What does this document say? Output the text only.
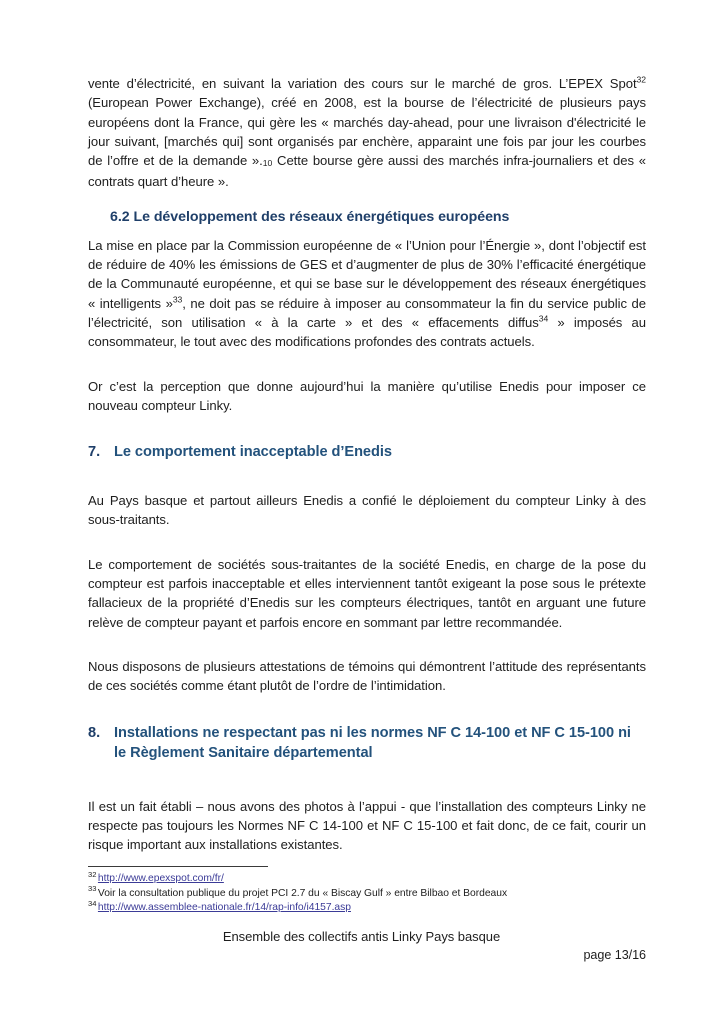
vente d’électricité, en suivant la variation des cours sur le marché de gros. L’EPEX Spot$^{32}$ (European Power Exchange), créé en 2008, est la bourse de l’électricité de plusieurs pays européens dont la France, qui gère les « marchés day-ahead, pour une livraison d'électricité le jour suivant, [marchés qui] sont organisés par enchère, apparaint une fois par jour les courbes de l’offre et de la demande ».10 Cette bourse gère aussi des marchés infra-journaliers et des « contrats quart d’heure ».

6.2 Le développement des réseaux énergétiques européens

La mise en place par la Commission européenne de « l’Union pour l’Énergie », dont l’objectif est de réduire de 40% les émissions de GES et d’augmenter de plus de 30% l’efficacité énergétique de la Communauté européenne, et qui se base sur le développement des réseaux énergétiques « intelligents »$^{33}$, ne doit pas se réduire à imposer au consommateur la fin du service public de l’électricité, son utilisation « à la carte » et des « effacements diffus$^{34}$ » imposés au consommateur, le tout avec des modifications profondes des contrats actuels.

Or c’est la perception que donne aujourd’hui la manière qu’utilise Enedis pour imposer ce nouveau compteur Linky.

7. Le comportement inacceptable d’Enedis

Au Pays basque et partout ailleurs Enedis a confié le déploiement du compteur Linky à des sous-traitants.

Le comportement de sociétés sous-traitantes de la société Enedis, en charge de la pose du compteur est parfois inacceptable et elles interviennent tantôt exigeant la pose sous le prétexte fallacieux de la propriété d’Enedis sur les compteurs électriques, tantôt en arguant une future relève de compteur payant et parfois encore en sommant par lettre recommandée.

Nous disposons de plusieurs attestations de témoins qui démontrent l’attitude des représentants de ces sociétés comme étant plutôt de l’ordre de l’intimidation.

8. Installations ne respectant pas ni les normes NF C 14-100 et NF C 15-100 ni le Règlement Sanitaire départemental

Il est un fait établi – nous avons des photos à l’appui - que l’installation des compteurs Linky ne respecte pas toujours les Normes NF C 14-100 et NF C 15-100 et fait donc, de ce fait, courir un risque important aux installations existantes.

$^{32}$ http://www.epexspot.com/fr/
$^{33}$ Voir la consultation publique du projet PCI 2.7 du « Biscay Gulf » entre Bilbao et Bordeaux
$^{34}$ http://www.assemblee-nationale.fr/14/rap-info/i4157.asp
Ensemble des collectifs antis Linky Pays basque
page 13/16
